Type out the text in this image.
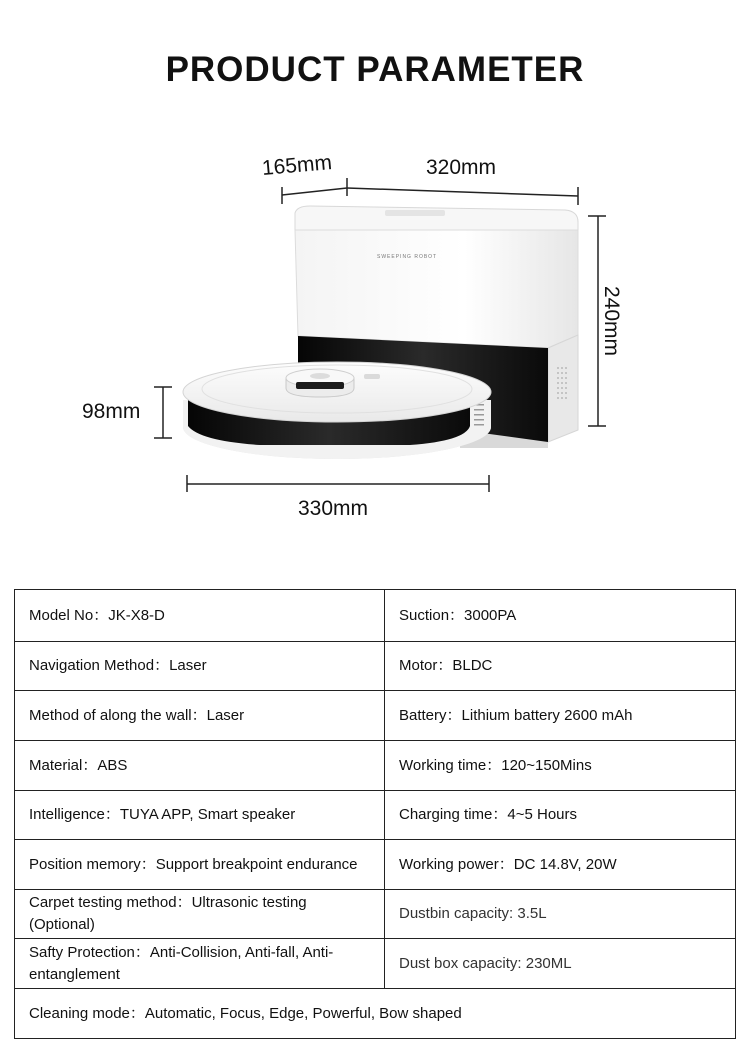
PRODUCT PARAMETER
165mm	320mm
240mm
98mm
330mm
SWEEPING ROBOT
Model No：JK-X8-D	Suction：3000PA
Navigation Method：Laser	Motor：BLDC
Method of along the wall：Laser	Battery：Lithium battery 2600 mAh
Material：ABS	Working time：120~150Mins
Intelligence：TUYA APP, Smart speaker	Charging time：4~5 Hours
Position memory：Support breakpoint endurance	Working power：DC 14.8V, 20W
Carpet testing method：Ultrasonic testing (Optional)	Dustbin capacity: 3.5L
Safty Protection：Anti-Collision, Anti-fall, Anti-entanglement	Dust box capacity: 230ML
Cleaning mode：Automatic, Focus, Edge, Powerful, Bow shaped	
